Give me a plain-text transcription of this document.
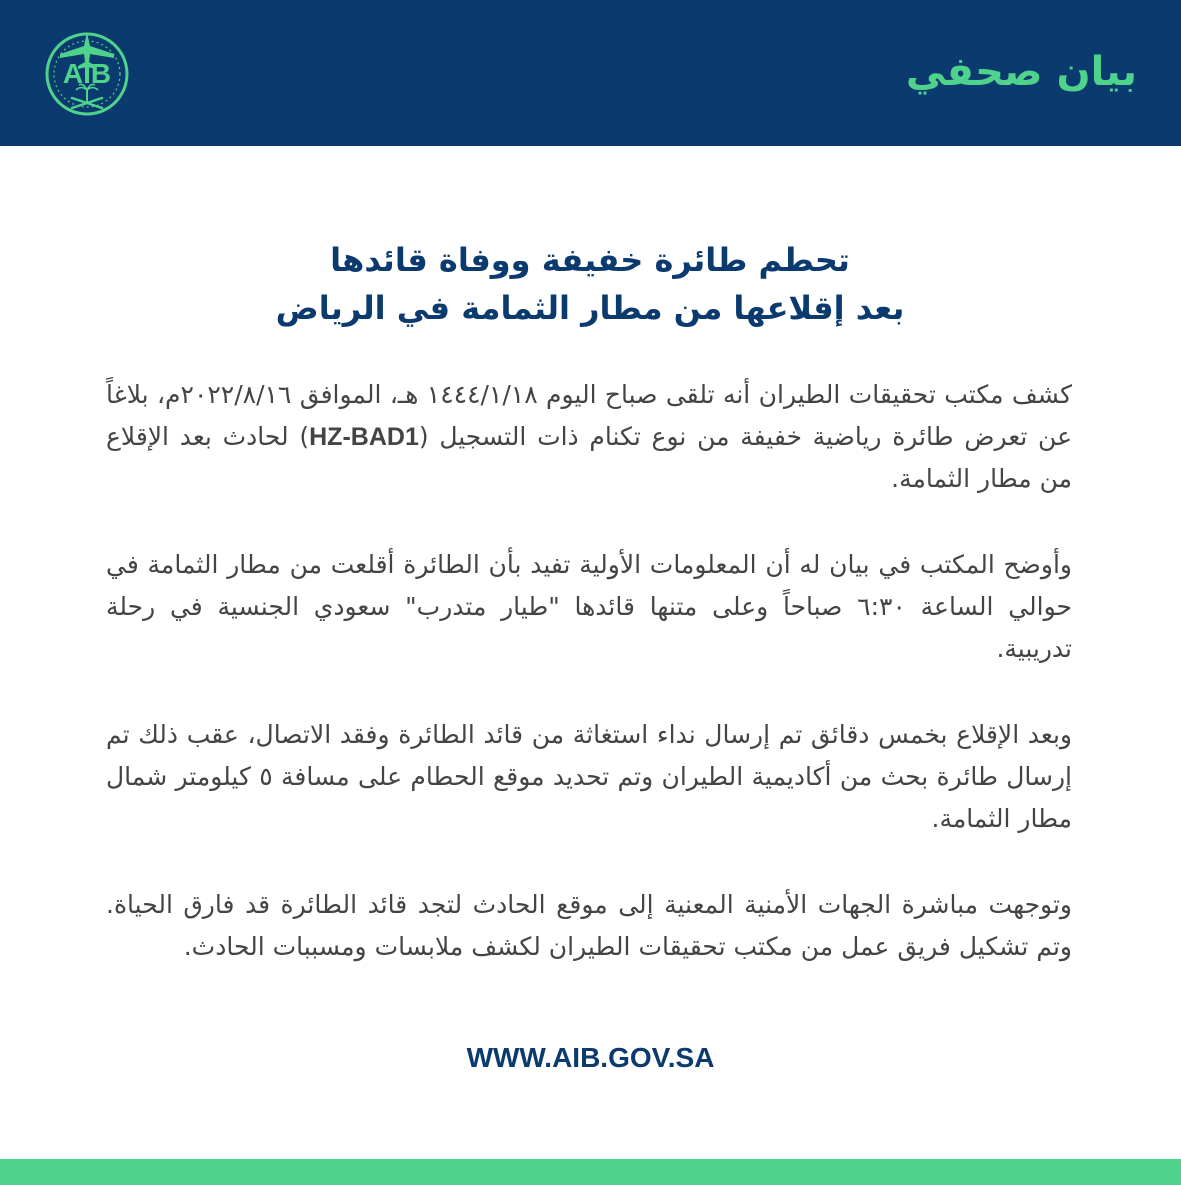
AIB	بيان صحفي
تحطم طائرة خفيفة ووفاة قائدها
بعد إقلاعها من مطار الثمامة في الرياض

كشف مكتب تحقيقات الطيران أنه تلقى صباح اليوم ١٤٤٤/١/١٨ هـ، الموافق ٢٠٢٢/٨/١٦م، بلاغاً عن تعرض طائرة رياضية خفيفة من نوع تكنام ذات التسجيل (HZ-BAD1) لحادث بعد الإقلاع من مطار الثمامة.

وأوضح المكتب في بيان له أن المعلومات الأولية تفيد بأن الطائرة أقلعت من مطار الثمامة في حوالي الساعة ٦:٣٠ صباحاً وعلى متنها قائدها "طيار متدرب" سعودي الجنسية في رحلة تدريبية.

وبعد الإقلاع بخمس دقائق تم إرسال نداء استغاثة من قائد الطائرة وفقد الاتصال، عقب ذلك تم إرسال طائرة بحث من أكاديمية الطيران وتم تحديد موقع الحطام على مسافة ٥ كيلومتر شمال مطار الثمامة.

وتوجهت مباشرة الجهات الأمنية المعنية إلى موقع الحادث لتجد قائد الطائرة قد فارق الحياة. وتم تشكيل فريق عمل من مكتب تحقيقات الطيران لكشف ملابسات ومسببات الحادث.

WWW.AIB.GOV.SA
